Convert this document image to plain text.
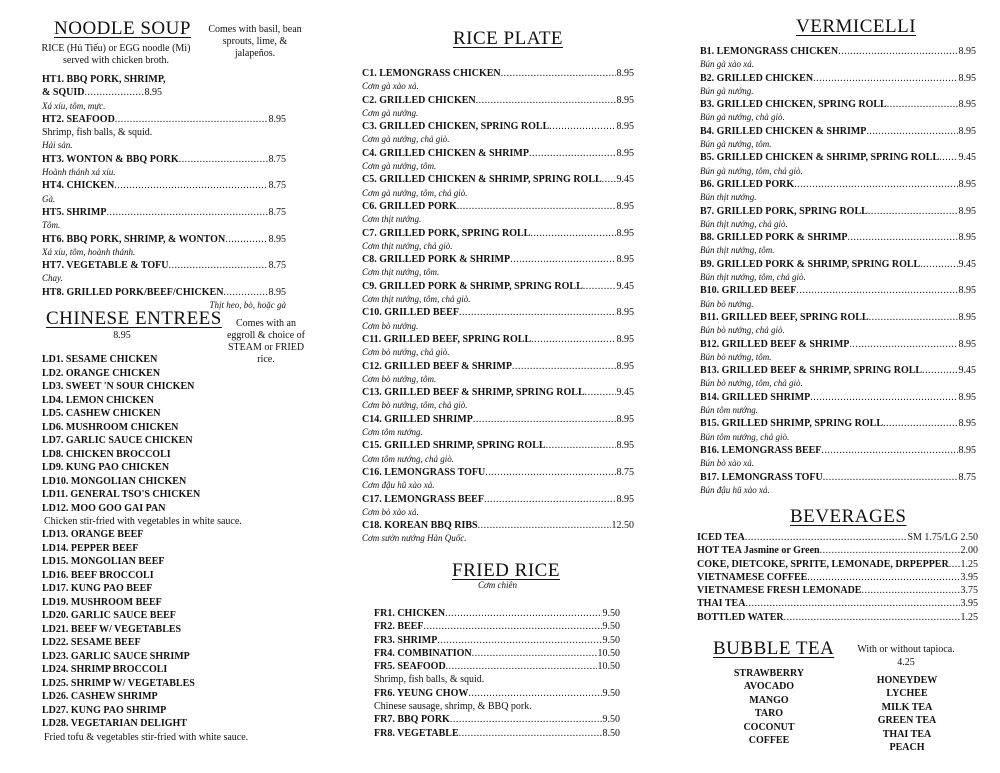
NOODLE SOUP
RICE (Hủ Tiếu) or EGG noodle (Mì) served with chicken broth.
Comes with basil, bean sprouts, lime, & jalapeños.
HT1. BBQ PORK, SHRIMP,
& SQUID .....	8.95
Xá xíu, tôm, mực.
HT2. SEAFOOD .....	8.95
Shrimp, fish balls, & squid.
Hải sản.
HT3. WONTON & BBQ PORK .....	8.75
Hoành thánh xá xíu.
HT4. CHICKEN .....	8.75
Gà.
HT5. SHRIMP .....	8.75
Tôm.
HT6. BBQ PORK, SHRIMP, & WONTON .....	8.95
Xá xíu, tôm, hoành thánh.
HT7. VEGETABLE & TOFU .....	8.75
Chay.
HT8. GRILLED PORK/BEEF/CHICKEN .....	8.95
Thịt heo, bò, hoặc gà
CHINESE ENTREES
8.95
Comes with an eggroll & choice of STEAM or FRIED rice.
LD1. SESAME CHICKEN
LD2. ORANGE CHICKEN
LD3. SWEET 'N SOUR CHICKEN
LD4. LEMON CHICKEN
LD5. CASHEW CHICKEN
LD6. MUSHROOM CHICKEN
LD7. GARLIC SAUCE CHICKEN
LD8. CHICKEN BROCCOLI
LD9. KUNG PAO CHICKEN
LD10. MONGOLIAN CHICKEN
LD11. GENERAL TSO'S CHICKEN
LD12. MOO GOO GAI PAN
Chicken stir-fried with vegetables in white sauce.
LD13. ORANGE BEEF
LD14. PEPPER BEEF
LD15. MONGOLIAN BEEF
LD16. BEEF BROCCOLI
LD17. KUNG PAO BEEF
LD19. MUSHROOM BEEF
LD20. GARLIC SAUCE BEEF
LD21. BEEF W/ VEGETABLES
LD22. SESAME BEEF
LD23. GARLIC SAUCE SHRIMP
LD24. SHRIMP BROCCOLI
LD25. SHRIMP W/ VEGETABLES
LD26. CASHEW SHRIMP
LD27. KUNG PAO SHRIMP
LD28. VEGETARIAN DELIGHT
Fried tofu & vegetables stir-fried with white sauce.
RICE PLATE
C1. LEMONGRASS CHICKEN .....	8.95
Cơm gà xào xả.
C2. GRILLED CHICKEN .....	8.95
Cơm gà nướng.
C3. GRILLED CHICKEN, SPRING ROLL .....	8.95
Cơm gà nướng, chả giò.
C4. GRILLED CHICKEN & SHRIMP .....	8.95
Cơm gà nướng, tôm.
C5. GRILLED CHICKEN & SHRIMP, SPRING ROLL ..... 9.45
Cơm gà nướng, tôm, chả giò.
C6. GRILLED PORK .....	8.95
Cơm thịt nướng.
C7. GRILLED PORK, SPRING ROLL .....	8.95
Cơm thịt nướng, chả giò.
C8. GRILLED PORK & SHRIMP .....	8.95
Cơm thịt nướng, tôm.
C9. GRILLED PORK & SHRIMP, SPRING ROLL .....	9.45
Cơm thịt nướng, tôm, chả giò.
C10. GRILLED BEEF .....	8.95
Cơm bò nướng.
C11. GRILLED BEEF, SPRING ROLL .....	8.95
Cơm bò nướng, chả giò.
C12. GRILLED BEEF & SHRIMP .....	8.95
Cơm bò nướng, tôm.
C13. GRILLED BEEF & SHRIMP, SPRING ROLL .....	9.45
Cơm bò nướng, tôm, chả giò.
C14. GRILLED SHRIMP .....	8.95
Cơm tôm nướng.
C15. GRILLED SHRIMP, SPRING ROLL .....	8.95
Cơm tôm nướng, chả giò.
C16. LEMONGRASS TOFU .....	8.75
Cơm đậu hũ xào xả.
C17. LEMONGRASS BEEF .....	8.95
Cơm bò xào xả.
C18. KOREAN BBQ RIBS .....	12.50
Cơm sườn nướng Hàn Quốc.
FRIED RICE
Cơm chiên
FR1. CHICKEN .....	9.50
FR2. BEEF .....	9.50
FR3. SHRIMP .....	9.50
FR4. COMBINATION .....	10.50
FR5. SEAFOOD .....	10.50
Shrimp, fish balls, & squid.
FR6. YEUNG CHOW .....	9.50
Chinese sausage, shrimp, & BBQ pork.
FR7. BBQ PORK .....	9.50
FR8. VEGETABLE .....	8.50
VERMICELLI
B1. LEMONGRASS CHICKEN .....	8.95
Bún gà xào xả.
B2. GRILLED CHICKEN .....	8.95
Bún gà nướng.
B3. GRILLED CHICKEN, SPRING ROLL .....	8.95
Bún gà nướng, chả giò.
B4. GRILLED CHICKEN & SHRIMP .....	8.95
Bún gà nướng, tôm.
B5. GRILLED CHICKEN & SHRIMP, SPRING ROLL ..... 9.45
Bún gà nướng, tôm, chả giò.
B6. GRILLED PORK .....	8.95
Bún thịt nướng.
B7. GRILLED PORK, SPRING ROLL .....	8.95
Bún thịt nướng, chả giò.
B8. GRILLED PORK & SHRIMP .....	8.95
Bún thịt nướng, tôm.
B9. GRILLED PORK & SHRIMP, SPRING ROLL .....	9.45
Bún thịt nướng, tôm, chả giò.
B10. GRILLED BEEF .....	8.95
Bún bò nướng.
B11. GRILLED BEEF, SPRING ROLL .....	8.95
Bún bò nướng, chả giò.
B12. GRILLED BEEF & SHRIMP .....	8.95
Bún bò nướng, tôm.
B13. GRILLED BEEF & SHRIMP, SPRING ROLL .....	9.45
Bún bò nướng, tôm, chả giò.
B14. GRILLED SHRIMP .....	8.95
Bún tôm nướng.
B15. GRILLED SHRIMP, SPRING ROLL .....	8.95
Bún tôm nướng, chả giò.
B16. LEMONGRASS BEEF .....	8.95
Bún bò xào xả.
B17. LEMONGRASS TOFU .....	8.75
Bún đậu hũ xào xả.
BEVERAGES
ICED TEA .....	SM 1.75/LG 2.50
HOT TEA Jasmine or Green .....	2.00
COKE, DIETCOKE, SPRITE, LEMONADE, DRPEPPER ..... 1.25
VIETNAMESE COFFEE .....	3.95
VIETNAMESE FRESH LEMONADE .....	3.75
THAI TEA .....	3.95
BOTTLED WATER .....	1.25
BUBBLE TEA	With or without tapioca.
4.25
STRAWBERRY
AVOCADO
MANGO
TARO
COCONUT
COFFEE
HONEYDEW
LYCHEE
MILK TEA
GREEN TEA
THAI TEA
PEACH
